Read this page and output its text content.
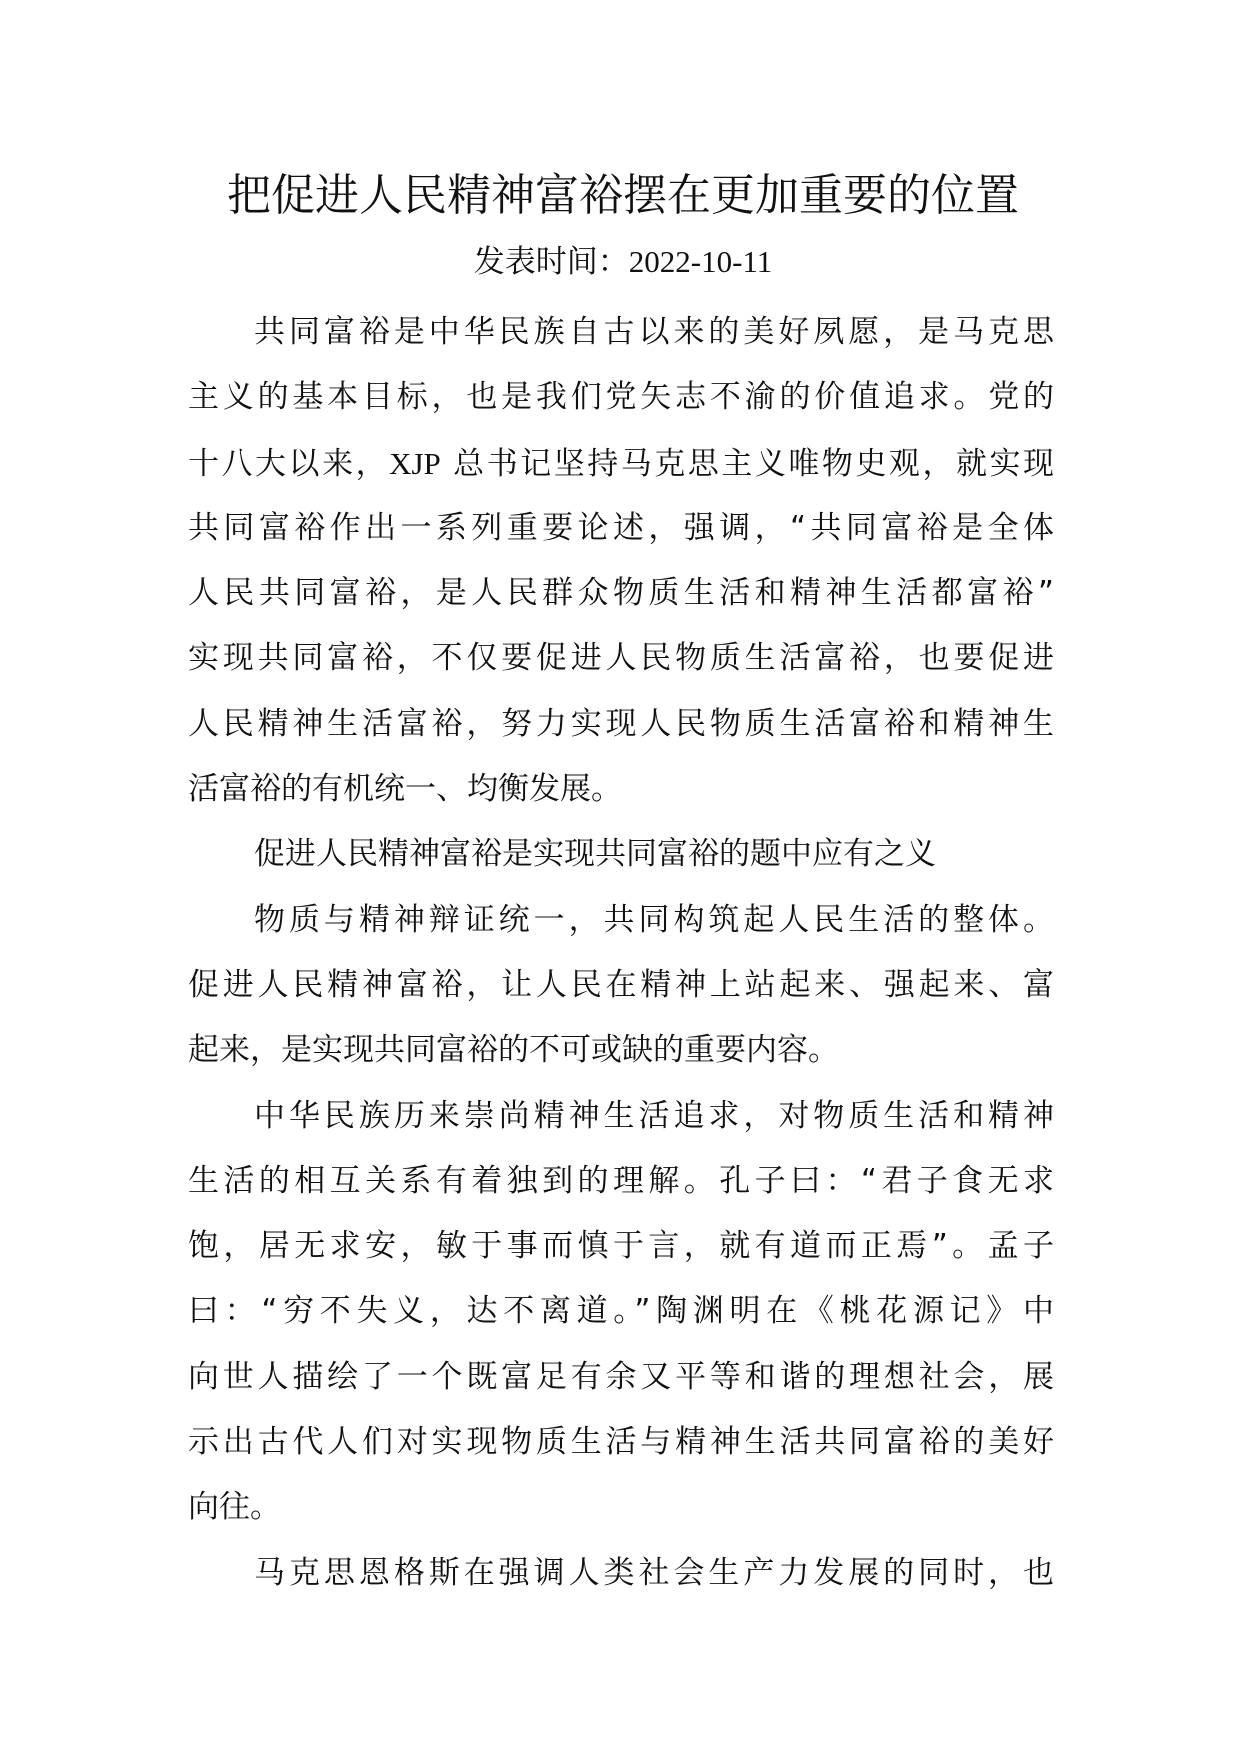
把促进人民精神富裕摆在更加重要的位置
发表时间：2022-10-11
共同富裕是中华民族自古以来的美好夙愿，是马克思
主义的基本目标，也是我们党矢志不渝的价值追求。党的
十八大以来，XJP 总书记坚持马克思主义唯物史观，就实现
共同富裕作出一系列重要论述，强调，“共同富裕是全体
人民共同富裕，是人民群众物质生活和精神生活都富裕”
实现共同富裕，不仅要促进人民物质生活富裕，也要促进
人民精神生活富裕，努力实现人民物质生活富裕和精神生
活富裕的有机统一、均衡发展。
促进人民精神富裕是实现共同富裕的题中应有之义
物质与精神辩证统一，共同构筑起人民生活的整体。
促进人民精神富裕，让人民在精神上站起来、强起来、富
起来，是实现共同富裕的不可或缺的重要内容。
中华民族历来崇尚精神生活追求，对物质生活和精神
生活的相互关系有着独到的理解。孔子曰：“君子食无求
饱，居无求安，敏于事而慎于言，就有道而正焉”。孟子
曰：“穷不失义，达不离道。”陶渊明在《桃花源记》中
向世人描绘了一个既富足有余又平等和谐的理想社会，展
示出古代人们对实现物质生活与精神生活共同富裕的美好
向往。
马克思恩格斯在强调人类社会生产力发展的同时，也
